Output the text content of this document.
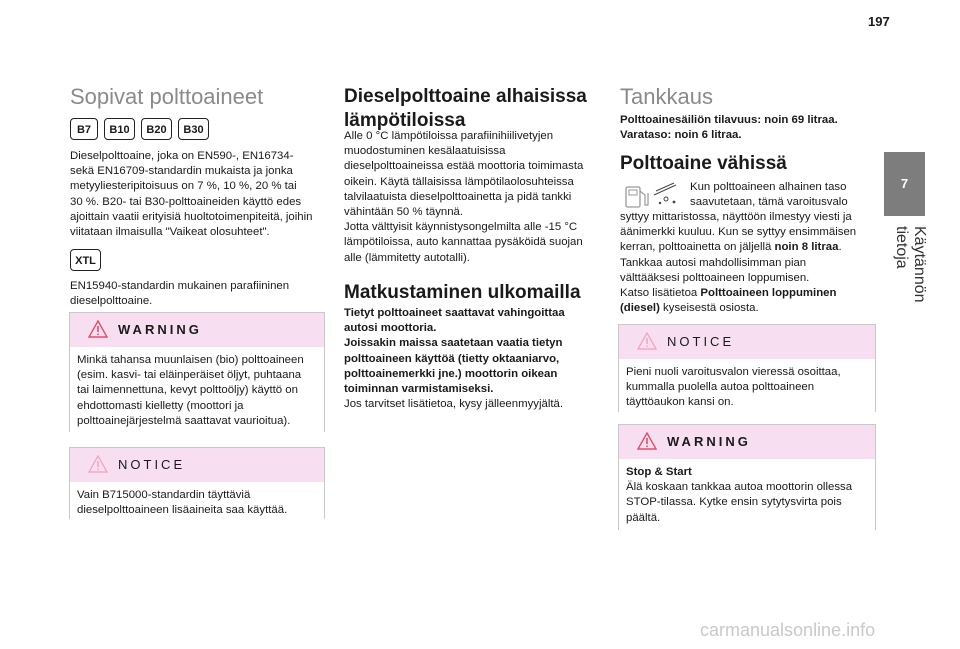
197
7
Käytännön tietoja
Sopivat polttoaineet
B7	B10	B20	B30
Dieselpolttoaine, joka on EN590-, EN16734-
sekä EN16709-standardin mukaista ja jonka
metyyliesteripitoisuus on 7 %, 10 %, 20 % tai
30 %. B20- tai B30-polttoaineiden käyttö edes
ajoittain vaatii erityisiä huoltotoimenpiteitä, joihin
viitataan ilmaisulla "Vaikeat olosuhteet".
XTL
EN15940-standardin mukainen parafiininen
dieselpolttoaine.
WARNING
Minkä tahansa muunlaisen (bio) polttoaineen
(esim. kasvi- tai eläinperäiset öljyt, puhtaana
tai laimennettuna, kevyt polttoöljy) käyttö on
ehdottomasti kielletty (moottori ja
polttoainejärjestelmä saattavat vaurioitua).
NOTICE
Vain B715000-standardin täyttäviä
dieselpolttoaineen lisäaineita saa käyttää.
Dieselpolttoaine alhaisissa
lämpötiloissa
Alle 0 °C lämpötiloissa parafiinihiilivetyjen
muodostuminen kesälaatuisissa
dieselpolttoaineissa estää moottoria toimimasta
oikein. Käytä tällaisissa lämpötilaolosuhteissa
talvilaatuista dieselpolttoainetta ja pidä tankki
vähintään 50 % täynnä.
Jotta välttyisit käynnistysongelmilta alle -15 °C
lämpötiloissa, auto kannattaa pysäköidä suojan
alle (lämmitetty autotalli).
Matkustaminen ulkomailla
Tietyt polttoaineet saattavat vahingoittaa
autosi moottoria.
Joissakin maissa saatetaan vaatia tietyn
polttoaineen käyttöä (tietty oktaaniarvo,
polttoainemerkki jne.) moottorin oikean
toiminnan varmistamiseksi.
Jos tarvitset lisätietoa, kysy jälleenmyyjältä.
Tankkaus
Polttoainesäiliön tilavuus: noin 69 litraa.
Varataso: noin 6 litraa.
Polttoaine vähissä
Kun polttoaineen alhainen taso
saavutetaan, tämä varoitusvalo
syttyy mittaristossa, näyttöön ilmestyy viesti ja
äänimerkki kuuluu. Kun se syttyy ensimmäisen
kerran, polttoainetta on jäljellä noin 8 litraa.
Tankkaa autosi mahdollisimman pian
välttääksesi polttoaineen loppumisen.
Katso lisätietoa Polttoaineen loppuminen
(diesel) kyseisestä osiosta.
NOTICE
Pieni nuoli varoitusvalon vieressä osoittaa,
kummalla puolella autoa polttoaineen
täyttöaukon kansi on.
WARNING
Stop & Start
Älä koskaan tankkaa autoa moottorin ollessa
STOP-tilassa. Kytke ensin sytytysvirta pois
päältä.
carmanualsonline.info
